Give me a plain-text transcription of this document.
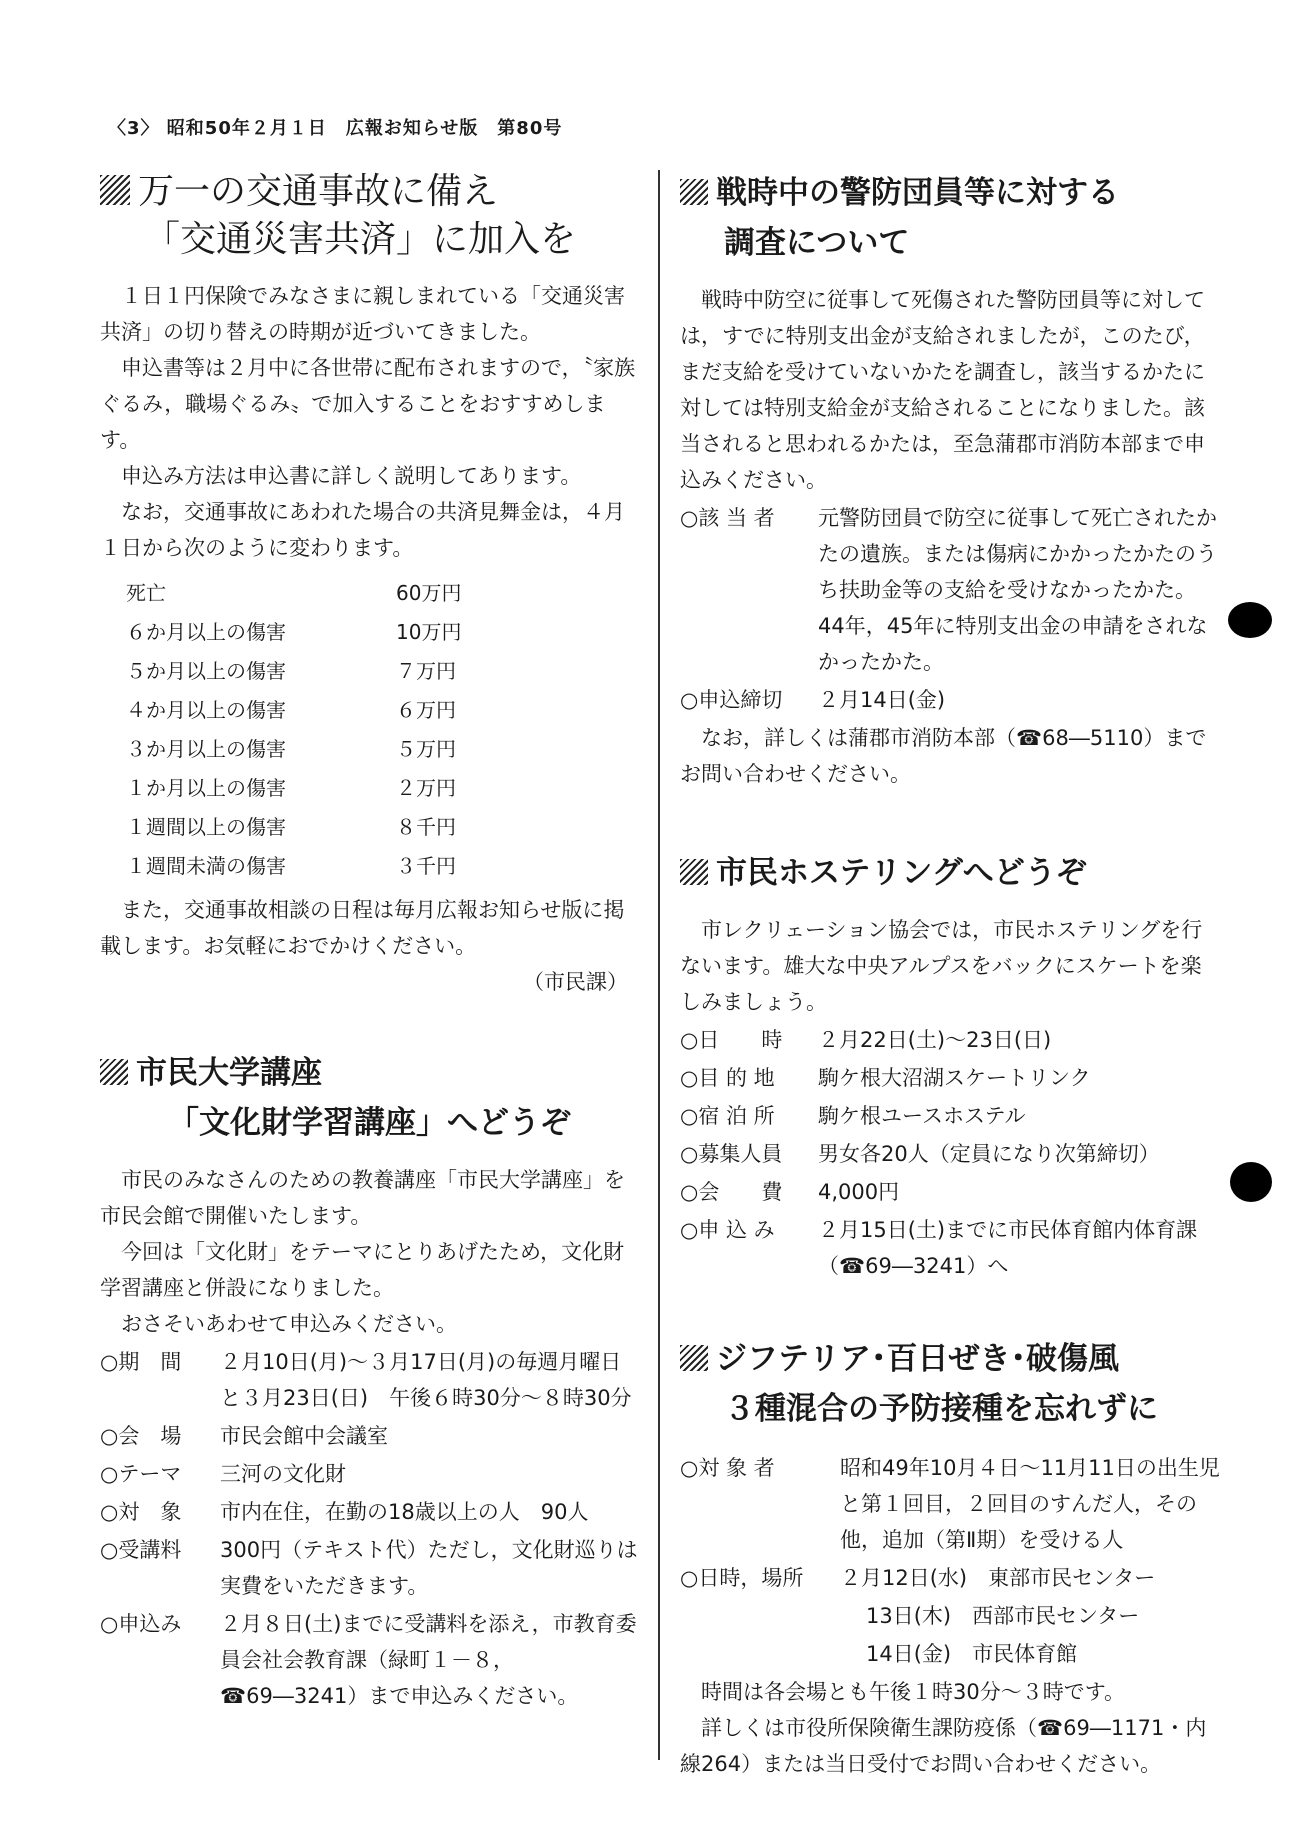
〈3〉 昭和50年２月１日　広報お知らせ版　第80号
万一の交通事故に備え
「交通災害共済」に加入を

１日１円保険でみなさまに親しまれている「交通災害共済」の切り替えの時期が近づいてきました。

申込書等は２月中に各世帯に配布されますので，〝家族ぐるみ，職場ぐるみ〟で加入することをおすすめします。

申込み方法は申込書に詳しく説明してあります。

なお，交通事故にあわれた場合の共済見舞金は，４月１日から次のように変わります。

死亡	60万円
６か月以上の傷害	10万円
５か月以上の傷害	７万円
４か月以上の傷害	６万円
３か月以上の傷害	５万円
１か月以上の傷害	２万円
１週間以上の傷害	８千円
１週間未満の傷害	３千円

また，交通事故相談の日程は毎月広報お知らせ版に掲載します。お気軽におでかけください。

（市民課）
市民大学講座
「文化財学習講座」へどうぞ

市民のみなさんのための教養講座「市民大学講座」を市民会館で開催いたします。

今回は「文化財」をテーマにとりあげたため，文化財学習講座と併設になりました。

おさそいあわせて申込みください。

○期　間	２月10日(月)～３月17日(月)の毎週月曜日と３月23日(日)　午後６時30分～８時30分
○会　場	市民会館中会議室
○テーマ	三河の文化財
○対　象	市内在住，在勤の18歳以上の人　90人
○受講料	300円（テキスト代）ただし，文化財巡りは実費をいただきます。
○申込み	２月８日(土)までに受講料を添え，市教育委員会社会教育課（緑町１－８，☎69―3241）まで申込みください。
戦時中の警防団員等に対する
調査について

戦時中防空に従事して死傷された警防団員等に対しては，すでに特別支出金が支給されましたが，このたび，まだ支給を受けていないかたを調査し，該当するかたに対しては特別支給金が支給されることになりました。該当されると思われるかたは，至急蒲郡市消防本部まで申込みください。

○該 当 者	元警防団員で防空に従事して死亡されたかたの遺族。または傷病にかかったかたのうち扶助金等の支給を受けなかったかた。44年，45年に特別支出金の申請をされなかったかた。
○申込締切	２月14日(金)

なお，詳しくは蒲郡市消防本部（☎68―5110）までお問い合わせください。

市民ホステリングへどうぞ

市レクリェーション協会では，市民ホステリングを行ないます。雄大な中央アルプスをバックにスケートを楽しみましょう。

○日　　時	２月22日(土)～23日(日)
○目 的 地	駒ケ根大沼湖スケートリンク
○宿 泊 所	駒ケ根ユースホステル
○募集人員	男女各20人（定員になり次第締切）
○会　　費	4,000円
○申 込 み	２月15日(土)までに市民体育館内体育課（☎69―3241）へ
ジフテリア･百日ぜき･破傷風
３種混合の予防接種を忘れずに
○対 象 者	昭和49年10月４日～11月11日の出生児と第１回目，２回目のすんだ人，その他，追加（第Ⅱ期）を受ける人
○日時，場所	２月12日(水)　東部市民センター
13日(木)　西部市民センター
14日(金)　市民体育館

時間は各会場とも午後１時30分～３時です。

詳しくは市役所保険衛生課防疫係（☎69―1171・内線264）または当日受付でお問い合わせください。
